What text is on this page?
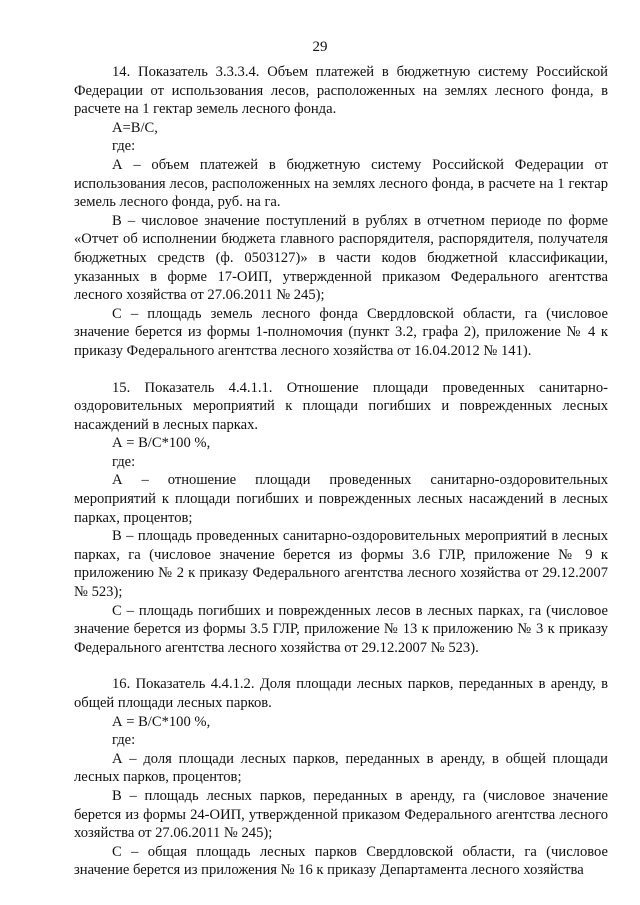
29

14. Показатель 3.3.3.4. Объем платежей в бюджетную систему Российской Федерации от использования лесов, расположенных на землях лесного фонда, в расчете на 1 гектар земель лесного фонда.

А=В/С,

где:

А – объем платежей в бюджетную систему Российской Федерации от использования лесов, расположенных на землях лесного фонда, в расчете на 1 гектар земель лесного фонда, руб. на га.

В – числовое значение поступлений в рублях в отчетном периоде по форме «Отчет об исполнении бюджета главного распорядителя, распорядителя, получателя бюджетных средств (ф. 0503127)» в части кодов бюджетной классификации, указанных в форме 17-ОИП, утвержденной приказом Федерального агентства лесного хозяйства от 27.06.2011 № 245);

С – площадь земель лесного фонда Свердловской области, га (числовое значение берется из формы 1-полномочия (пункт 3.2, графа 2), приложение № 4 к приказу Федерального агентства лесного хозяйства от 16.04.2012 № 141).

15. Показатель 4.4.1.1. Отношение площади проведенных санитарно-оздоровительных мероприятий к площади погибших и поврежденных лесных насаждений в лесных парках.

А = В/С*100 %,

где:

А – отношение площади проведенных санитарно-оздоровительных мероприятий к площади погибших и поврежденных лесных насаждений в лесных парках, процентов;

В – площадь проведенных санитарно-оздоровительных мероприятий в лесных парках, га (числовое значение берется из формы 3.6 ГЛР, приложение № 9 к приложению № 2 к приказу Федерального агентства лесного хозяйства от 29.12.2007 № 523);

С – площадь погибших и поврежденных лесов в лесных парках, га (числовое значение берется из формы 3.5 ГЛР, приложение № 13 к приложению № 3 к приказу Федерального агентства лесного хозяйства от 29.12.2007 № 523).

16. Показатель 4.4.1.2. Доля площади лесных парков, переданных в аренду, в общей площади лесных парков.

А = В/С*100 %,

где:

А – доля площади лесных парков, переданных в аренду, в общей площади лесных парков, процентов;

В – площадь лесных парков, переданных в аренду, га (числовое значение берется из формы 24-ОИП, утвержденной приказом Федерального агентства лесного хозяйства от 27.06.2011 № 245);

С – общая площадь лесных парков Свердловской области, га (числовое значение берется из приложения № 16 к приказу Департамента лесного хозяйства
